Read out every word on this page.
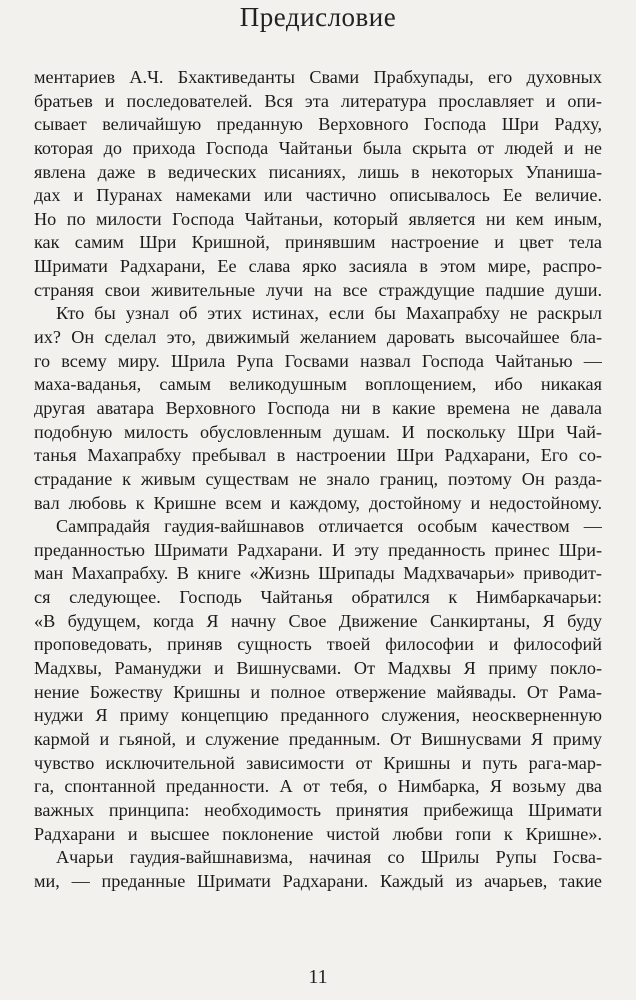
Предисловие
ментариев А.Ч. Бхактиведанты Свами Прабхупады, его духовных
братьев и последователей. Вся эта литература прославляет и опи-
сывает величайшую преданную Верховного Господа Шри Радху,
которая до прихода Господа Чайтаньи была скрыта от людей и не
явлена даже в ведических писаниях, лишь в некоторых Упаниша-
дах и Пуранах намеками или частично описывалось Ее величие.
Но по милости Господа Чайтаньи, который является ни кем иным,
как самим Шри Кришной, принявшим настроение и цвет тела
Шримати Радхарани, Ее слава ярко засияла в этом мире, распро-
страняя свои живительные лучи на все страждущие падшие души.
Кто бы узнал об этих истинах, если бы Махапрабху не раскрыл
их? Он сделал это, движимый желанием даровать высочайшее бла-
го всему миру. Шрила Рупа Госвами назвал Господа Чайтанью —
маха-ваданья, самым великодушным воплощением, ибо никакая
другая аватара Верховного Господа ни в какие времена не давала
подобную милость обусловленным душам. И поскольку Шри Чай-
танья Махапрабху пребывал в настроении Шри Радхарани, Его со-
страдание к живым существам не знало границ, поэтому Он разда-
вал любовь к Кришне всем и каждому, достойному и недостойному.
Сампрадайя гаудия-вайшнавов отличается особым качеством —
преданностью Шримати Радхарани. И эту преданность принес Шри-
ман Махапрабху. В книге «Жизнь Шрипады Мадхвачарьи» приводит-
ся следующее. Господь Чайтанья обратился к Нимбаркачарьи:
«В будущем, когда Я начну Свое Движение Санкиртаны, Я буду
проповедовать, приняв сущность твоей философии и философий
Мадхвы, Рамануджи и Вишнусвами. От Мадхвы Я приму покло-
нение Божеству Кришны и полное отвержение майявады. От Рама-
нуджи Я приму концепцию преданного служения, неоскверненную
кармой и гьяной, и служение преданным. От Вишнусвами Я приму
чувство исключительной зависимости от Кришны и путь рага-мар-
га, спонтанной преданности. А от тебя, о Нимбарка, Я возьму два
важных принципа: необходимость принятия прибежища Шримати
Радхарани и высшее поклонение чистой любви гопи к Кришне».
Ачарьи гаудия-вайшнавизма, начиная со Шрилы Рупы Госва-
ми, — преданные Шримати Радхарани. Каждый из ачарьев, такие
11
